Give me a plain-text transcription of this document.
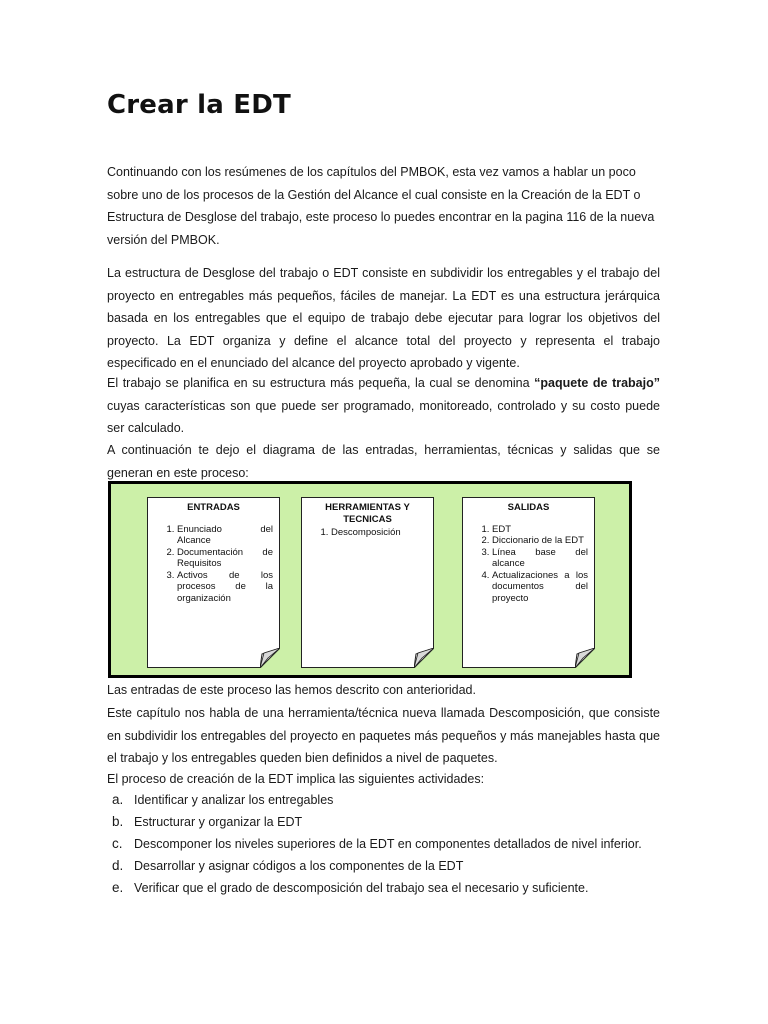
Crear la EDT
Continuando con los resúmenes de los capítulos del PMBOK, esta vez vamos a hablar un poco
sobre uno de los procesos de la Gestión del Alcance el cual consiste en la Creación de la EDT o
Estructura de Desglose del trabajo, este proceso lo puedes encontrar en la pagina 116 de la nueva
versión del PMBOK.
La estructura de Desglose del trabajo o EDT consiste en subdividir los entregables y el trabajo del
proyecto en entregables más pequeños, fáciles de manejar. La EDT es una estructura jerárquica
basada en los entregables que el equipo de trabajo debe ejecutar para lograr los objetivos del
proyecto. La EDT organiza y define el alcance total del proyecto y representa el trabajo
especificado en el enunciado del alcance del proyecto aprobado y vigente.
El trabajo se planifica en su estructura más pequeña, la cual se denomina “paquete de trabajo”
cuyas características son que puede ser programado, monitoreado, controlado y su costo puede
ser calculado.
A continuación te dejo el diagrama de las entradas, herramientas, técnicas y salidas que se
generan en este proceso:
ENTRADAS
1. Enunciado del Alcance
2. Documentación de Requisitos
3. Activos de los procesos de la organización
HERRAMIENTAS Y
TECNICAS
1. Descomposición
SALIDAS
1. EDT
2. Diccionario de la EDT
3. Línea base del alcance
4. Actualizaciones a los documentos del proyecto
Las entradas de este proceso las hemos descrito con anterioridad.
Este capítulo nos habla de una herramienta/técnica nueva llamada Descomposición, que consiste
en subdividir los entregables del proyecto en paquetes más pequeños y más manejables hasta que
el trabajo y los entregables queden bien definidos a nivel de paquetes.
El proceso de creación de la EDT implica las siguientes actividades:
a. Identificar y analizar los entregables
b. Estructurar y organizar la EDT
c. Descomponer los niveles superiores de la EDT en componentes detallados de nivel inferior.
d. Desarrollar y asignar códigos a los componentes de la EDT
e. Verificar que el grado de descomposición del trabajo sea el necesario y suficiente.
